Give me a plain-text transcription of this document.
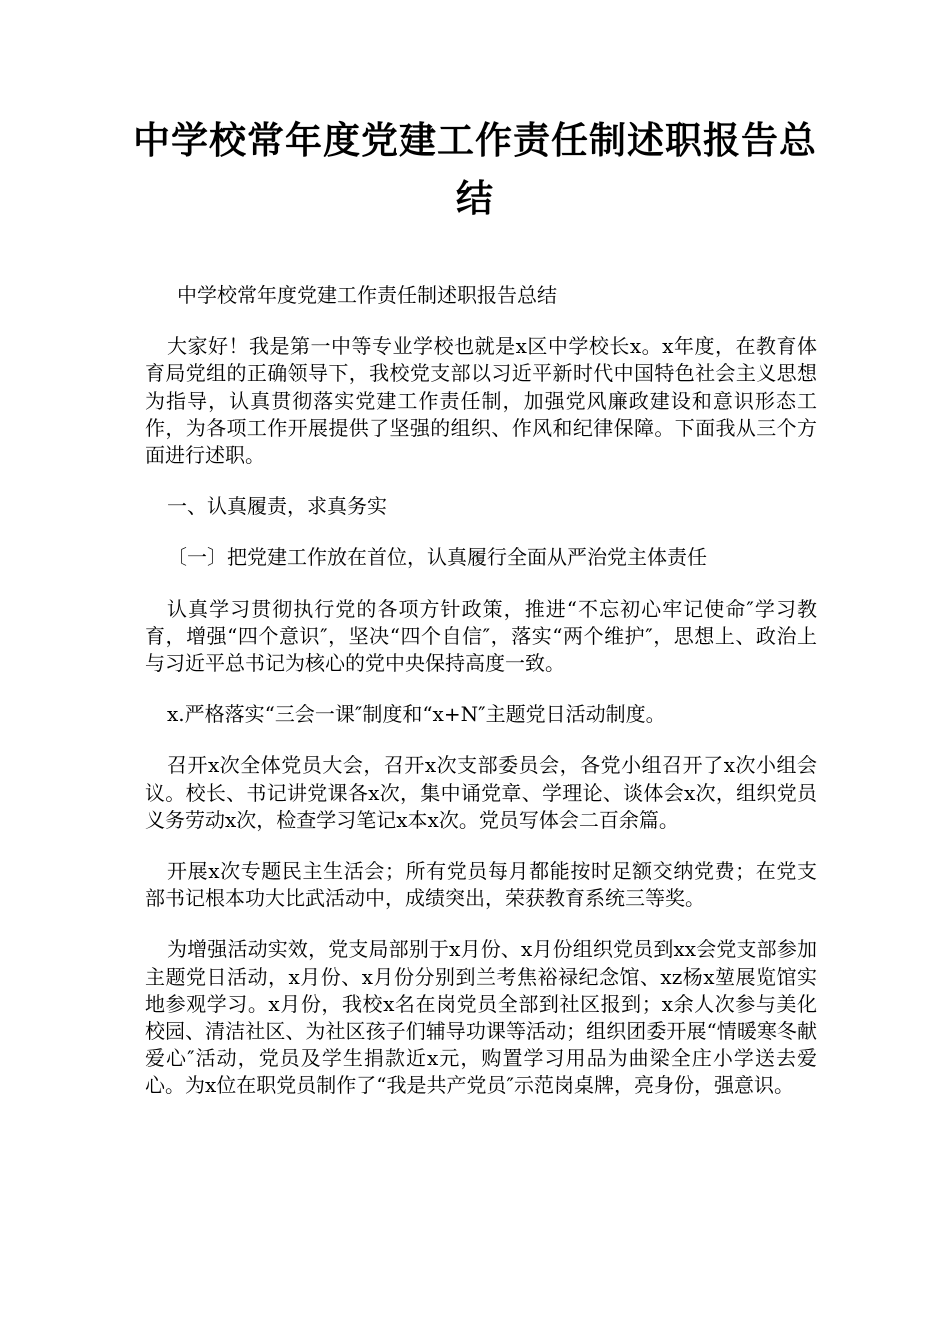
中学校常年度党建工作责任制述职报告总结

中学校常年度党建工作责任制述职报告总结

大家好！我是第一中等专业学校也就是x区中学校长x。x年度，在教育体育局党组的正确领导下，我校党支部以习近平新时代中国特色社会主义思想为指导，认真贯彻落实党建工作责任制，加强党风廉政建设和意识形态工作，为各项工作开展提供了坚强的组织、作风和纪律保障。下面我从三个方面进行述职。

一、认真履责，求真务实

〔一〕把党建工作放在首位，认真履行全面从严治党主体责任

认真学习贯彻执行党的各项方针政策，推进“不忘初心牢记使命″学习教育，增强“四个意识″，坚决“四个自信″，落实“两个维护″，思想上、政治上与习近平总书记为核心的党中央保持高度一致。

x.严格落实“三会一课″制度和“x+N″主题党日活动制度。

召开x次全体党员大会，召开x次支部委员会，各党小组召开了x次小组会议。校长、书记讲党课各x次，集中诵党章、学理论、谈体会x次，组织党员义务劳动x次，检查学习笔记x本x次。党员写体会二百余篇。

开展x次专题民主生活会；所有党员每月都能按时足额交纳党费；在党支部书记根本功大比武活动中，成绩突出，荣获教育系统三等奖。

为增强活动实效，党支局部别于x月份、x月份组织党员到xx会党支部参加主题党日活动，x月份、x月份分别到兰考焦裕禄纪念馆、xz杨x堃展览馆实地参观学习。x月份，我校x名在岗党员全部到社区报到；x余人次参与美化校园、清洁社区、为社区孩子们辅导功课等活动；组织团委开展“情暖寒冬献爱心″活动，党员及学生捐款近x元，购置学习用品为曲梁全庄小学送去爱心。为x位在职党员制作了“我是共产党员″示范岗桌牌，亮身份，强意识。
